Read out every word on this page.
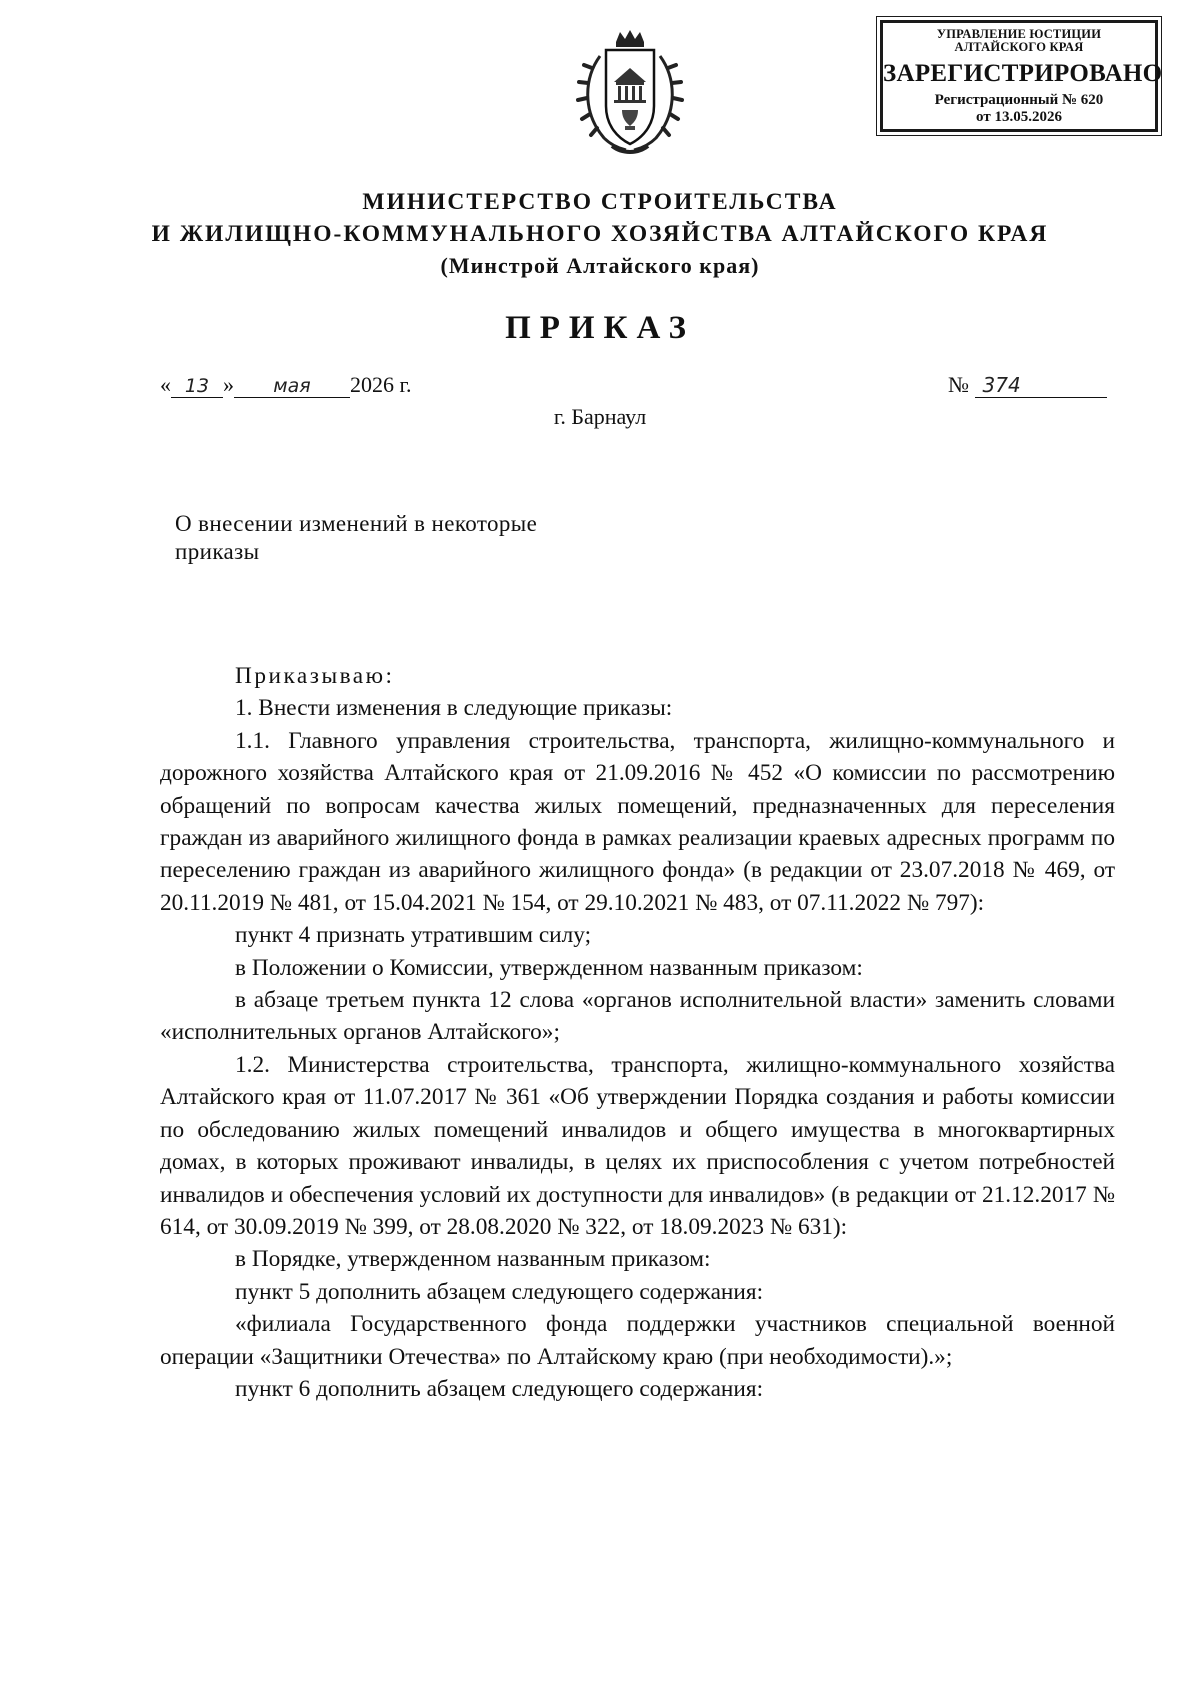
УПРАВЛЕНИЕ ЮСТИЦИИ
АЛТАЙСКОГО КРАЯ
ЗАРЕГИСТРИРОВАНО
Регистрационный № 620
от 13.05.2026
МИНИСТЕРСТВО СТРОИТЕЛЬСТВА
И ЖИЛИЩНО-КОММУНАЛЬНОГО ХОЗЯЙСТВА АЛТАЙСКОГО КРАЯ
(Минстрой Алтайского края)
ПРИКАЗ
« 13 » мая 2026 г.	№ 374
г. Барнаул
О внесении изменений в некоторые
приказы

Приказываю:

1. Внести изменения в следующие приказы:

1.1. Главного управления строительства, транспорта, жилищно-коммунального и дорожного хозяйства Алтайского края от 21.09.2016 № 452 «О комиссии по рассмотрению обращений по вопросам качества жилых помещений, предназначенных для переселения граждан из аварийного жилищного фонда в рамках реализации краевых адресных программ по переселению граждан из аварийного жилищного фонда» (в редакции от 23.07.2018 № 469, от 20.11.2019 № 481, от 15.04.2021 № 154, от 29.10.2021 № 483, от 07.11.2022 № 797):

пункт 4 признать утратившим силу;

в Положении о Комиссии, утвержденном названным приказом:

в абзаце третьем пункта 12 слова «органов исполнительной власти» заменить словами «исполнительных органов Алтайского»;

1.2. Министерства строительства, транспорта, жилищно-коммунального хозяйства Алтайского края от 11.07.2017 № 361 «Об утверждении Порядка создания и работы комиссии по обследованию жилых помещений инвалидов и общего имущества в многоквартирных домах, в которых проживают инвалиды, в целях их приспособления с учетом потребностей инвалидов и обеспечения условий их доступности для инвалидов» (в редакции от 21.12.2017 № 614, от 30.09.2019 № 399, от 28.08.2020 № 322, от 18.09.2023 № 631):

в Порядке, утвержденном названным приказом:

пункт 5 дополнить абзацем следующего содержания:

«филиала Государственного фонда поддержки участников специальной военной операции «Защитники Отечества» по Алтайскому краю (при необходимости).»;

пункт 6 дополнить абзацем следующего содержания:
